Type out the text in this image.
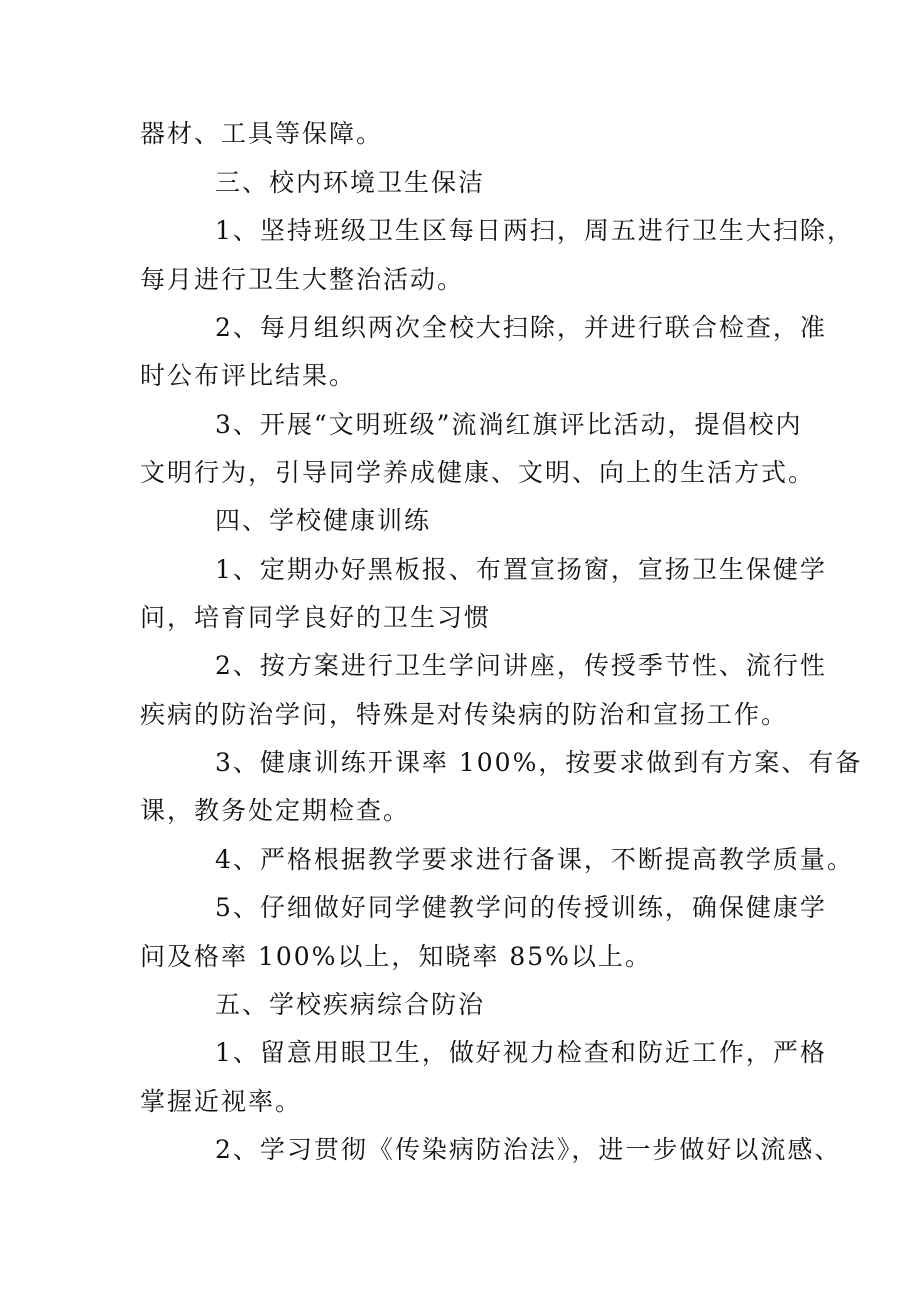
器材、工具等保障。
三、校内环境卫生保洁
1、坚持班级卫生区每日两扫，周五进行卫生大扫除，
每月进行卫生大整治活动。
2、每月组织两次全校大扫除，并进行联合检查，准
时公布评比结果。
3、开展“文明班级”流淌红旗评比活动，提倡校内
文明行为，引导同学养成健康、文明、向上的生活方式。
四、学校健康训练
1、定期办好黑板报、布置宣扬窗，宣扬卫生保健学
问，培育同学良好的卫生习惯
2、按方案进行卫生学问讲座，传授季节性、流行性
疾病的防治学问，特殊是对传染病的防治和宣扬工作。
3、健康训练开课率 100%，按要求做到有方案、有备
课，教务处定期检查。
4、严格根据教学要求进行备课，不断提高教学质量。
5、仔细做好同学健教学问的传授训练，确保健康学
问及格率 100%以上，知晓率 85%以上。
五、学校疾病综合防治
1、留意用眼卫生，做好视力检查和防近工作，严格
掌握近视率。
2、学习贯彻《传染病防治法》，进一步做好以流感、
